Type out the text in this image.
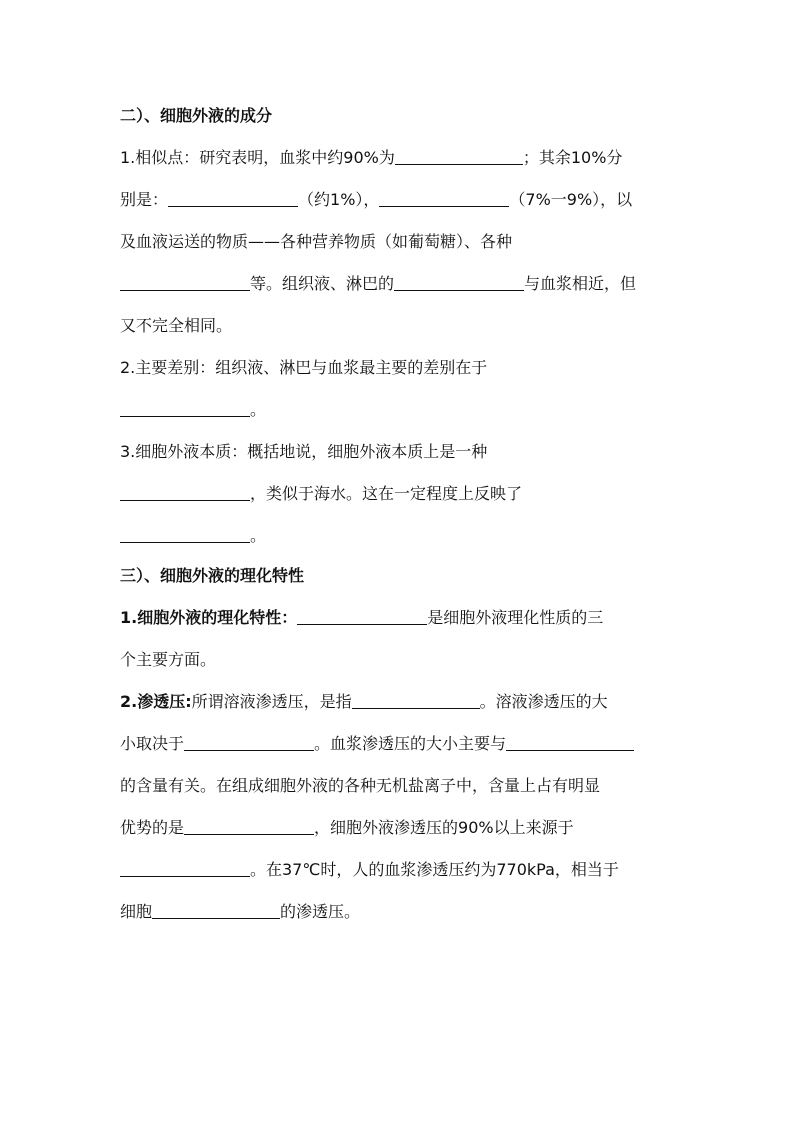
二）、细胞外液的成分
1.相似点：研究表明，血浆中约90%为	；其余10%分
别是：	（约1%），	（7%一9%），以
及血液运送的物质——各种营养物质（如葡萄糖）、各种
等。组织液、淋巴的	与血浆相近，但
又不完全相同。
2.主要差别：组织液、淋巴与血浆最主要的差别在于
。
3.细胞外液本质：概括地说，细胞外液本质上是一种
，类似于海水。这在一定程度上反映了
。
三）、细胞外液的理化特性
1.细胞外液的理化特性：	是细胞外液理化性质的三
个主要方面。
2.渗透压:所谓溶液渗透压，是指	。溶液渗透压的大
小取决于	。血浆渗透压的大小主要与
的含量有关。在组成细胞外液的各种无机盐离子中，含量上占有明显
优势的是	，细胞外液渗透压的90%以上来源于
。在37℃时，人的血浆渗透压约为770kPa，相当于
细胞	的渗透压。
